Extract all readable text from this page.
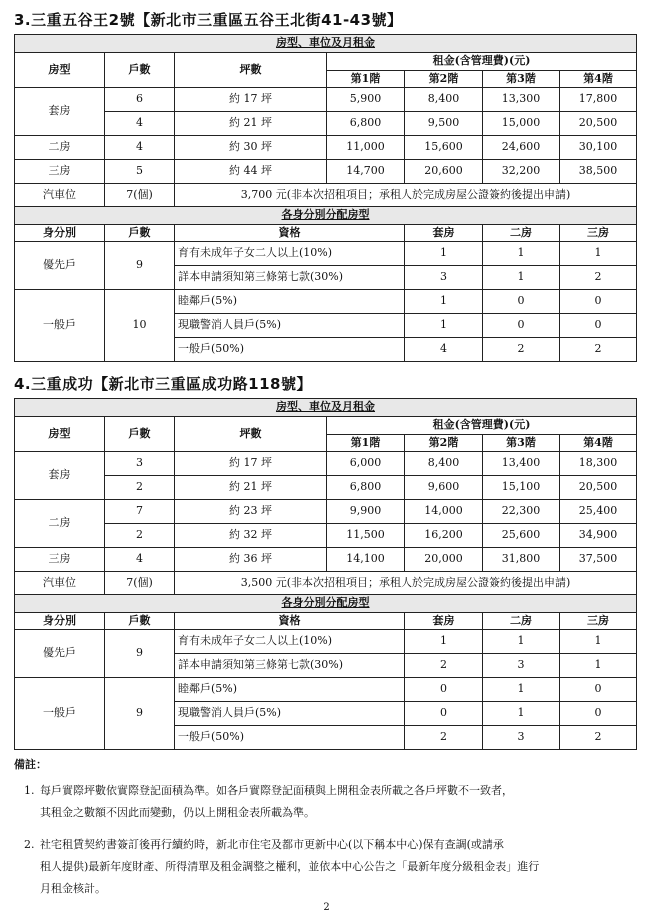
3.三重五谷王2號【新北市三重區五谷王北街41-43號】
房型、車位及月租金						
房型	戶數	坪數	租金(含管理費)(元)			
			第1階	第2階	第3階	第4階
套房	6	約 17 坪	5,900	8,400	13,300	17,800
	4	約 21 坪	6,800	9,500	15,000	20,500
二房	4	約 30 坪	11,000	15,600	24,600	30,100
三房	5	約 44 坪	14,700	20,600	32,200	38,500
汽車位	7(個)	3,700 元(非本次招租項目；承租人於完成房屋公證簽約後提出申請)				
各身分別分配房型						
身分別	戶數	資格		套房	二房	三房
優先戶	9	育有未成年子女二人以上(10%)		1	1	1
		詳本申請須知第三條第七款(30%)		3	1	2
一般戶	10	睦鄰戶(5%)		1	0	0
		現職警消人員戶(5%)		1	0	0
		一般戶(50%)		4	2	2
4.三重成功【新北市三重區成功路118號】
房型、車位及月租金						
房型	戶數	坪數	租金(含管理費)(元)			
			第1階	第2階	第3階	第4階
套房	3	約 17 坪	6,000	8,400	13,400	18,300
	2	約 21 坪	6,800	9,600	15,100	20,500
二房	7	約 23 坪	9,900	14,000	22,300	25,400
	2	約 32 坪	11,500	16,200	25,600	34,900
三房	4	約 36 坪	14,100	20,000	31,800	37,500
汽車位	7(個)	3,500 元(非本次招租項目；承租人於完成房屋公證簽約後提出申請)				
各身分別分配房型						
身分別	戶數	資格		套房	二房	三房
優先戶	9	育有未成年子女二人以上(10%)		1	1	1
		詳本申請須知第三條第七款(30%)		2	3	1
一般戶	9	睦鄰戶(5%)		0	1	0
		現職警消人員戶(5%)		0	1	0
		一般戶(50%)		2	3	2
備註：
1. 每戶實際坪數依實際登記面積為準。如各戶實際登記面積與上開租金表所載之各戶坪數不一致者，
其租金之數額不因此而變動，仍以上開租金表所載為準。
2. 社宅租賃契約書簽訂後再行續約時，新北市住宅及都市更新中心(以下稱本中心)保有查調(或請承
租人提供)最新年度財產、所得清單及租金調整之權利，並依本中心公告之「最新年度分級租金表」進行
月租金核計。
2
